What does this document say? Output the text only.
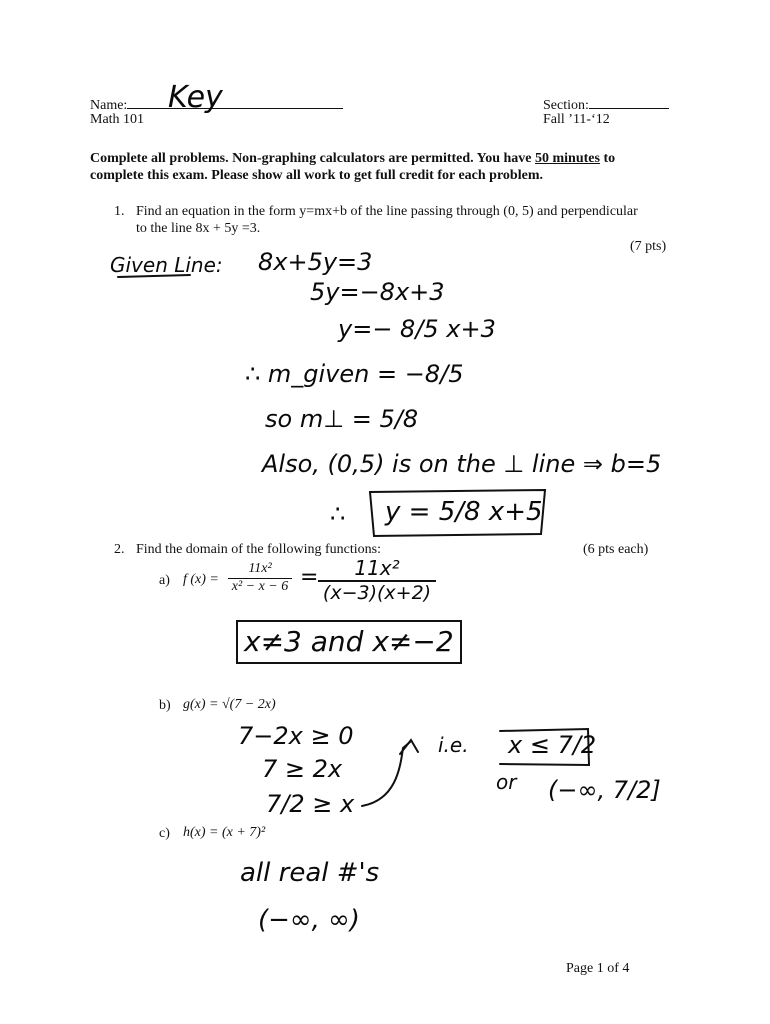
Name:	Key
Math 101
Section:
Fall ’11-‘12
Complete all problems. Non-graphing calculators are permitted. You have 50 minutes to
complete this exam. Please show all work to get full credit for each problem.
1. Find an equation in the form y=mx+b of the line passing through (0, 5) and perpendicular
to the line 8x + 5y =3.
(7 pts)
Given Line: 8x+5y=3
5y=−8x+3
y=− 8/5 x+3
∴ m_given = −8/5
so m⊥ = 5/8
Also, (0,5) is on the ⊥ line ⇒ b=5
∴ y = 5/8 x+5
2. Find the domain of the following functions:	(6 pts each)
a) f $(x) = \frac{\text{11x²}}{\text{x² − x − 6}} = \frac{\text{11x²}}{(x-3)(x+2)}$
x≠3 and x≠−2
b) g(x) = √(7 − 2x)
7−2x ≥ 0
7 ≥ 2x
7/2 ≥ x
i.e. x ≤ 7/2
or (−∞, 7/2]
c) h(x) = (x + 7)²
all real #'s
(−∞, ∞)
Page 1 of 4
